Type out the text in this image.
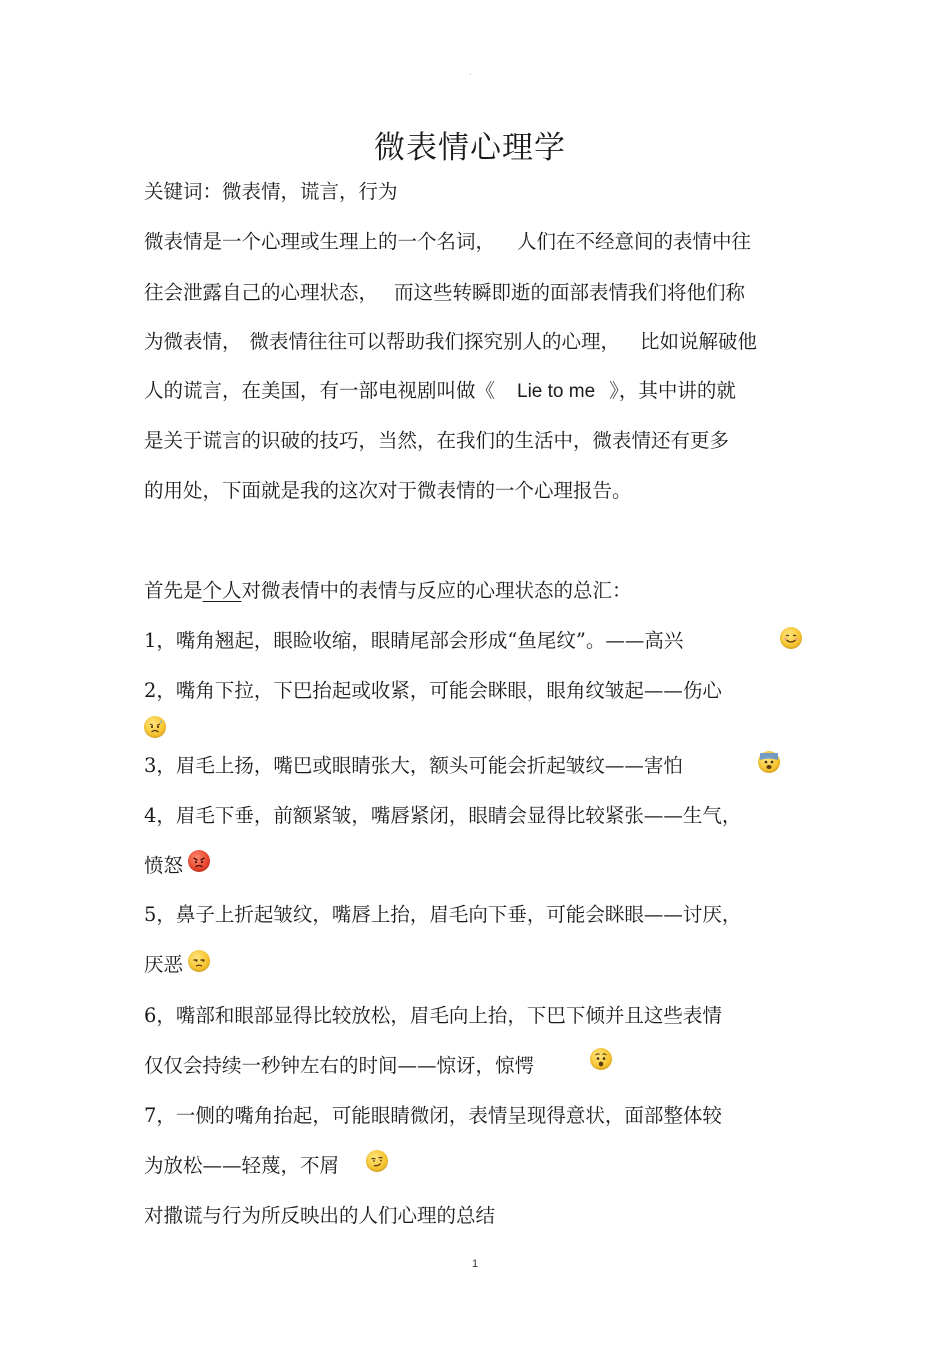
·
微表情心理学
关键词：微表情，谎言，行为
微表情是一个心理或生理上的一个名词， 人们在不经意间的表情中往
往会泄露自己的心理状态， 而这些转瞬即逝的面部表情我们将他们称
为微表情， 微表情往往可以帮助我们探究别人的心理， 比如说解破他
人的谎言，在美国，有一部电视剧叫做《 Lie to me 》，其中讲的就
是关于谎言的识破的技巧，当然，在我们的生活中，微表情还有更多
的用处，下面就是我的这次对于微表情的一个心理报告。
首先是个人对微表情中的表情与反应的心理状态的总汇：
1，嘴角翘起，眼睑收缩，眼睛尾部会形成“鱼尾纹”。——高兴
2，嘴角下拉，下巴抬起或收紧，可能会眯眼，眼角纹皱起——伤心
3，眉毛上扬，嘴巴或眼睛张大，额头可能会折起皱纹——害怕
4，眉毛下垂，前额紧皱，嘴唇紧闭，眼睛会显得比较紧张——生气，
愤怒
5，鼻子上折起皱纹，嘴唇上抬，眉毛向下垂，可能会眯眼——讨厌，
厌恶
6，嘴部和眼部显得比较放松，眉毛向上抬，下巴下倾并且这些表情
仅仅会持续一秒钟左右的时间——惊讶，惊愕
7，一侧的嘴角抬起，可能眼睛微闭，表情呈现得意状，面部整体较
为放松——轻蔑，不屑
对撒谎与行为所反映出的人们心理的总结
1
